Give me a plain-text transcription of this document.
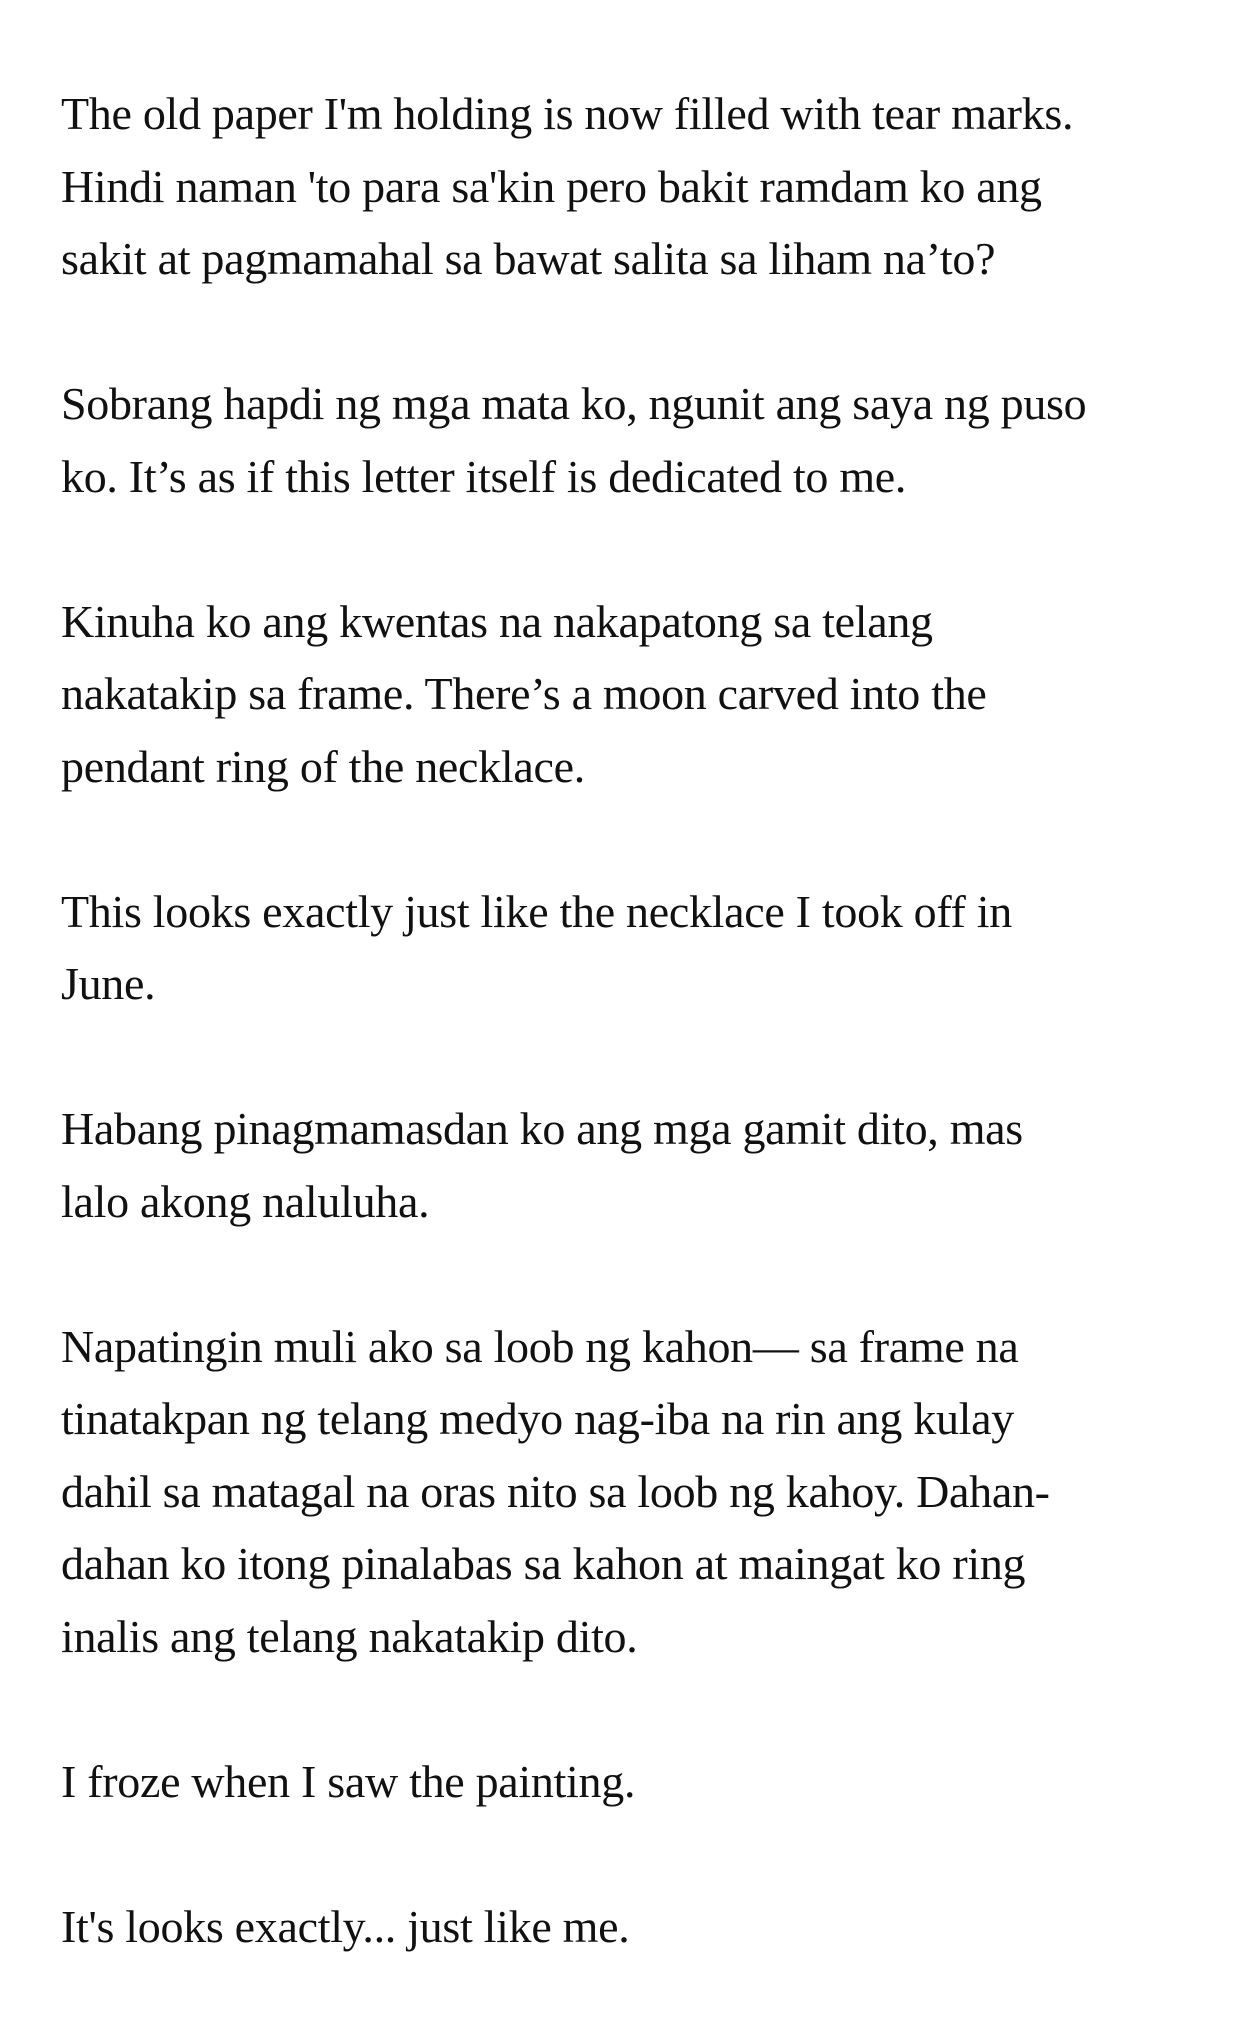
The old paper I'm holding is now filled with tear marks.
Hindi naman 'to para sa'kin pero bakit ramdam ko ang
sakit at pagmamahal sa bawat salita sa liham na’to?

Sobrang hapdi ng mga mata ko, ngunit ang saya ng puso
ko. It’s as if this letter itself is dedicated to me.

Kinuha ko ang kwentas na nakapatong sa telang
nakatakip sa frame. There’s a moon carved into the
pendant ring of the necklace.

This looks exactly just like the necklace I took off in
June.

Habang pinagmamasdan ko ang mga gamit dito, mas
lalo akong naluluha.

Napatingin muli ako sa loob ng kahon— sa frame na
tinatakpan ng telang medyo nag-iba na rin ang kulay
dahil sa matagal na oras nito sa loob ng kahoy. Dahan-
dahan ko itong pinalabas sa kahon at maingat ko ring
inalis ang telang nakatakip dito.

I froze when I saw the painting.

It's looks exactly... just like me.
